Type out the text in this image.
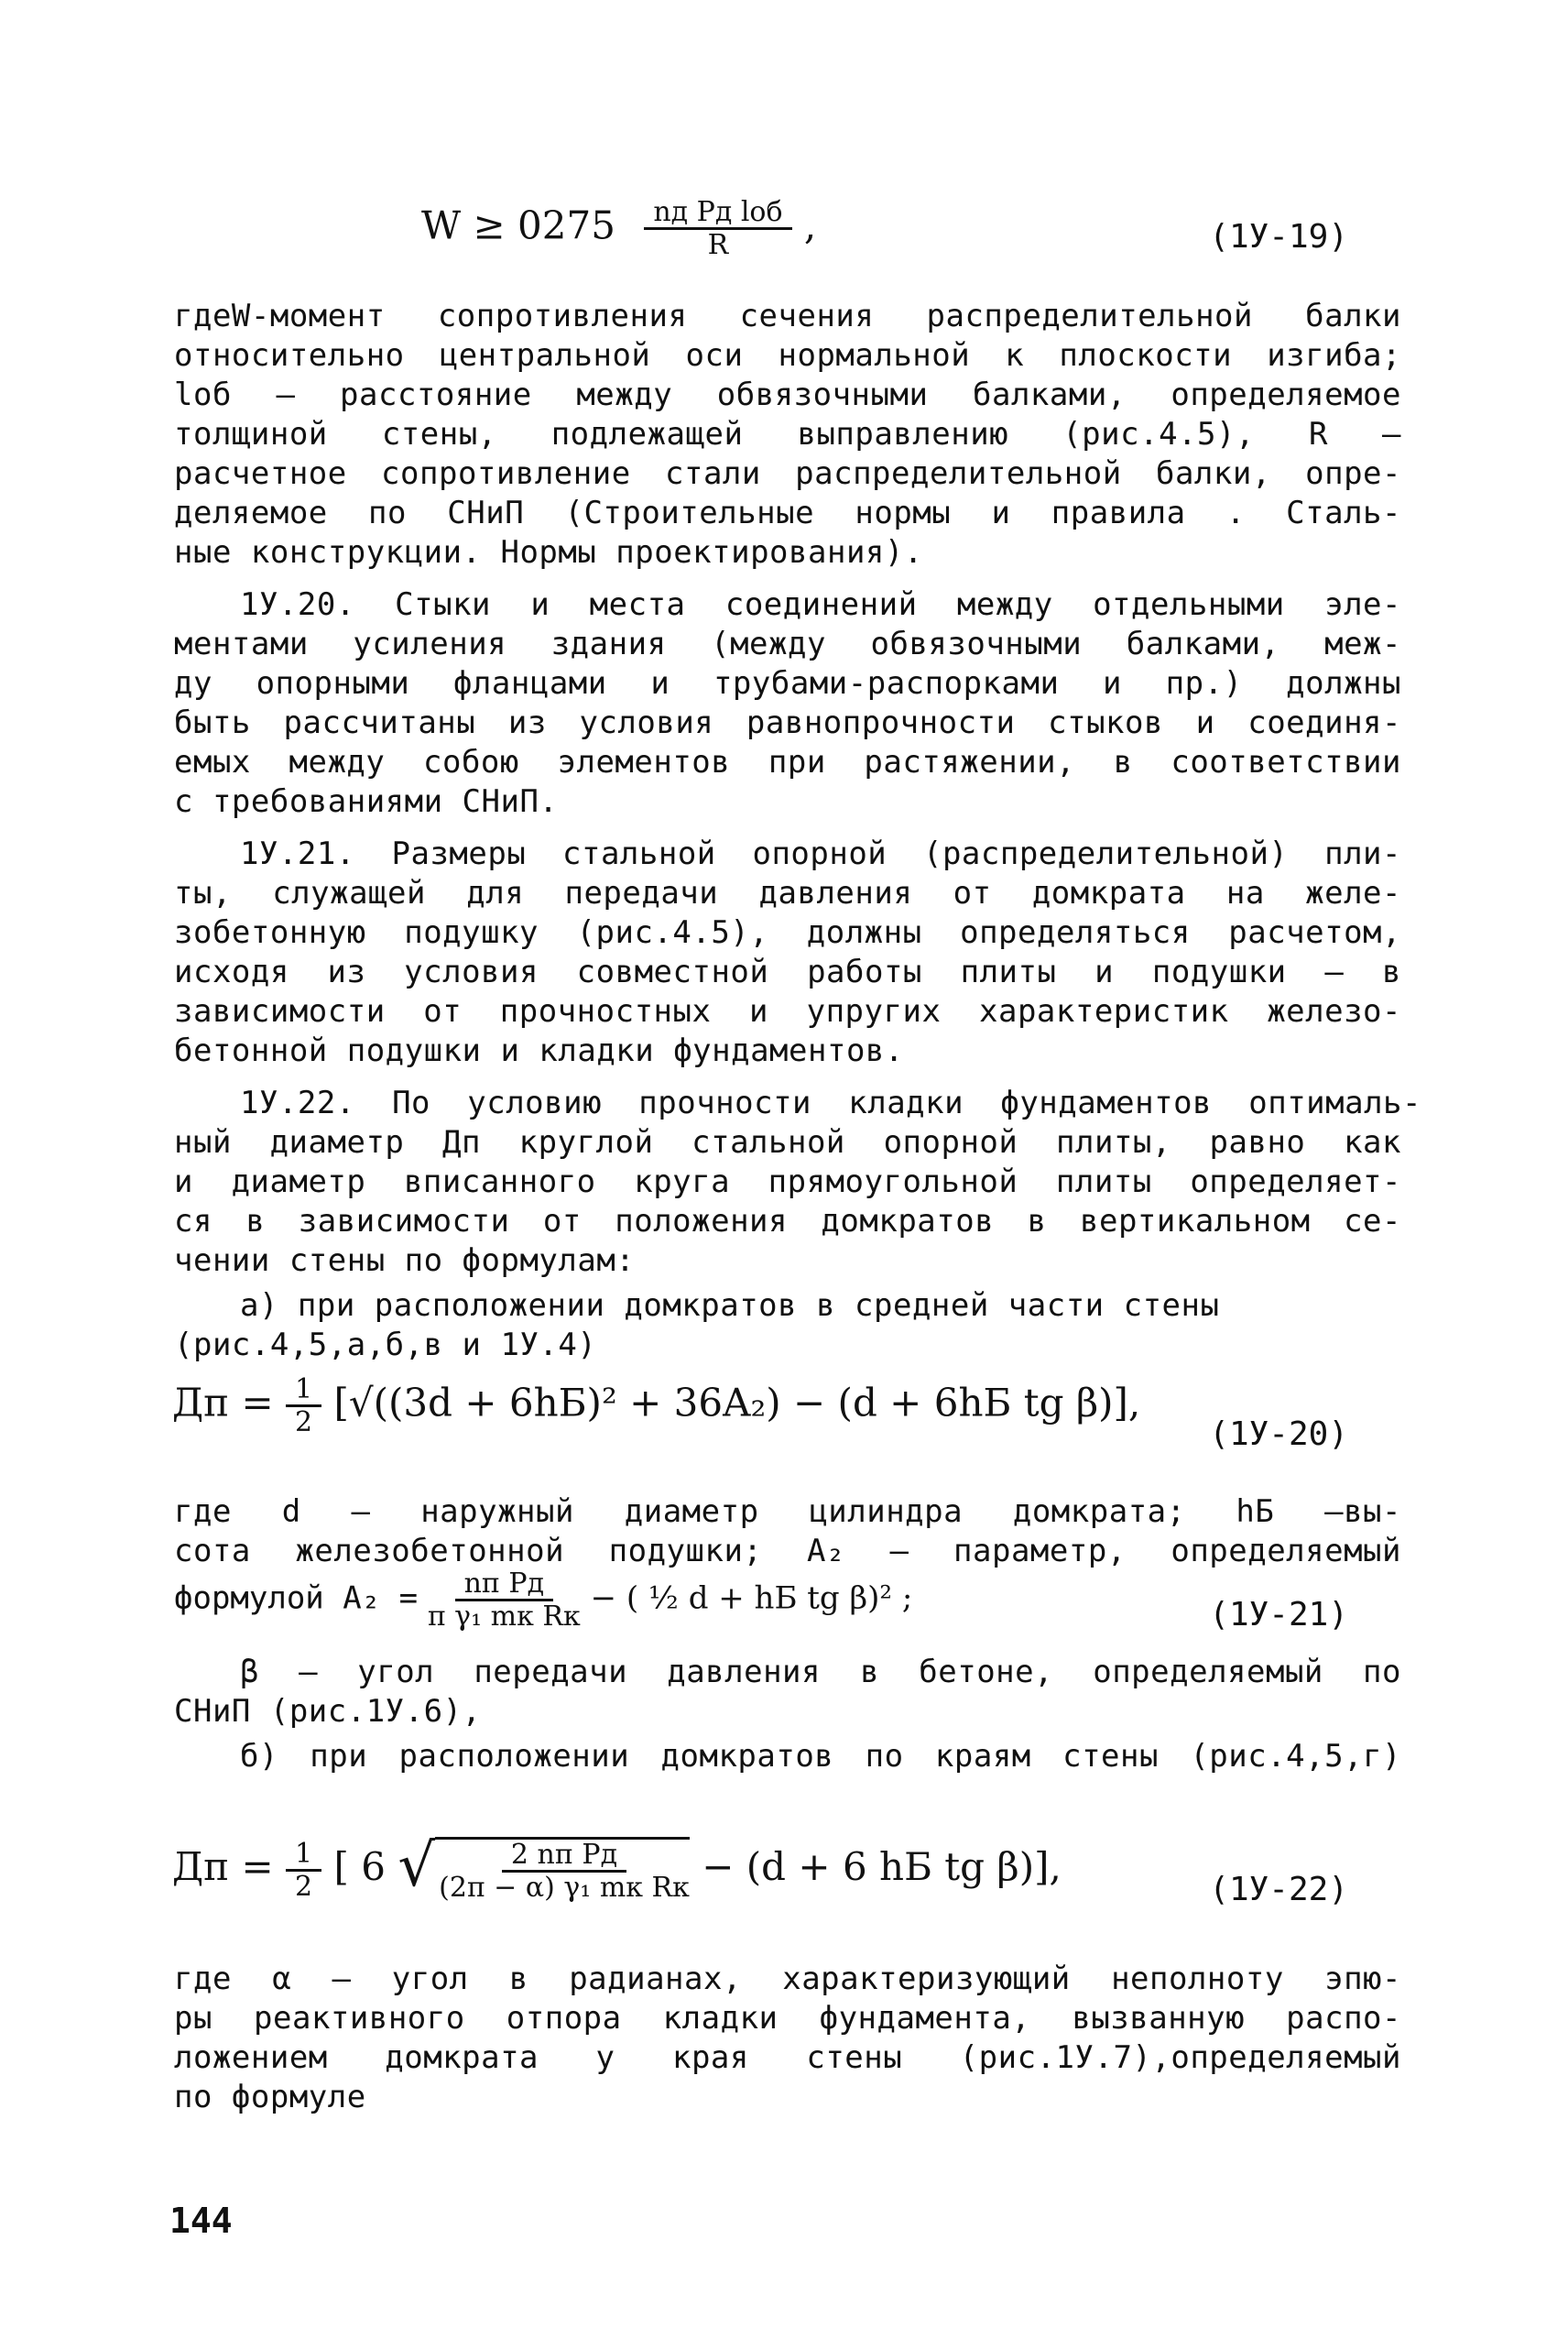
$W \ge 0275 \frac{\text{nд Pд lоб}}{R}$ ,	(1У-19)
гдеW-момент сопротивления сечения распределительной балки
относительно центральной оси нормальной к плоскости изгиба;
lоб – расстояние между обвязочными балками, определяемое
толщиной стены, подлежащей выправлению (рис.4.5), R –
расчетное сопротивление стали распределительной балки, опре-
деляемое по СНиП (Строительные нормы и правила . Сталь-
ные конструкции. Нормы проектирования).
1У.20. Стыки и места соединений между отдельными эле-
ментами усиления здания (между обвязочными балками, меж-
ду опорными фланцами и трубами-распорками и пр.) должны
быть рассчитаны из условия равнопрочности стыков и соединя-
емых между собою элементов при растяжении, в соответствии
с требованиями СНиП.
1У.21. Размеры стальной опорной (распределительной) пли-
ты, служащей для передачи давления от домкрата на желе-
зобетонную подушку (рис.4.5), должны определяться расчетом,
исходя из условия совместной работы плиты и подушки – в
зависимости от прочностных и упругих характеристик железо-
бетонной подушки и кладки фундаментов.
1У.22. По условию прочности кладки фундаментов оптималь-
ный диаметр Дп круглой стальной опорной плиты, равно как
и диаметр вписанного круга прямоугольной плиты определяет-
ся в зависимости от положения домкратов в вертикальном се-
чении стены по формулам:
а) при расположении домкратов в средней части стены
(рис.4,5,а,б,в и 1У.4)
Дп = $\frac{1}{2} [√((3d + 6hБ)^2 + 36A_2) - (d + 6hБ$ tg β)],
(1У-20)
где d – наружный диаметр цилиндра домкрата; hБ –вы-
сота железобетонной подушки; A₂ – параметр, определяемый
формулой $A_2 = \frac{\text{nп Pд}}{\text{π γ₁ mк Rк}}$ − ( ½ d + hБ tg β)² ;	(1У-21)
β – угол передачи давления в бетоне, определяемый по
СНиП (рис.1У.6),
б) при расположении домкратов по краям стены (рис.4,5,г)
Дп = $\frac{1}{2}$ [ 6 √ $\frac{\text{2 nп Pд}}{\text{(2π − α) γ₁ mк Rк}} - (d + 6$ hБ tg β)],
(1У-22)
где α – угол в радианах, характеризующий неполноту эпю-
ры реактивного отпора кладки фундамента, вызванную распо-
ложением домкрата у края стены (рис.1У.7),определяемый
по формуле
144
